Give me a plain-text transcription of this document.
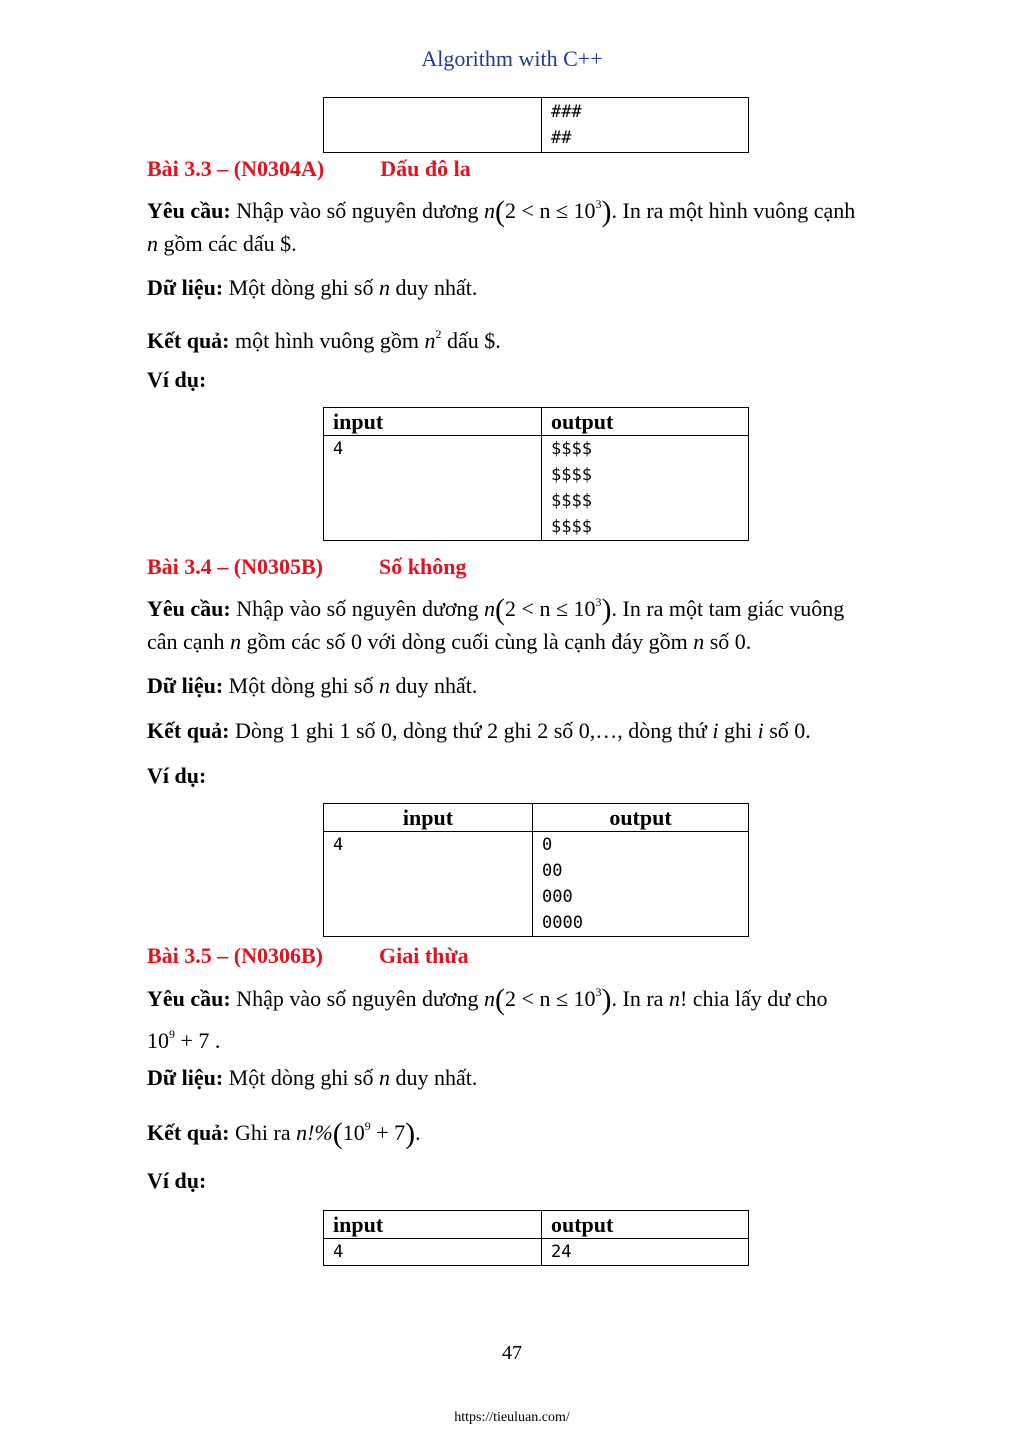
Algorithm with C++

###
##
Bài 3.3 – (N0304A)	Dấu đô la
Yêu cầu: Nhập vào số nguyên dương $n(2 < n \le 10^3)$. In ra một hình vuông cạnh
n gồm các dấu $.
Dữ liệu: Một dòng ghi số n duy nhất.
Kết quả: một hình vuông gồm $n^2$ dấu $.
Ví dụ:
input	output

4	$$$$
$$$$
$$$$
$$$$
Bài 3.4 – (N0305B)	Số không
Yêu cầu: Nhập vào số nguyên dương $n(2 < n \le 10^3)$. In ra một tam giác vuông
cân cạnh n gồm các số 0 với dòng cuối cùng là cạnh đáy gồm n số 0.
Dữ liệu: Một dòng ghi số n duy nhất.
Kết quả: Dòng 1 ghi 1 số 0, dòng thứ 2 ghi 2 số 0,…, dòng thứ i ghi i số 0.
Ví dụ:
input	output

4	0
00
000
0000
Bài 3.5 – (N0306B)	Giai thừa
Yêu cầu: Nhập vào số nguyên dương $n(2 < n \le 10^3)$. In ra n! chia lấy dư cho
$10^9 + 7$ .
Dữ liệu: Một dòng ghi số n duy nhất.
Kết quả: Ghi ra $n!\%(10^9 + 7)$.
Ví dụ:
input	output

4	24
47
https://tieuluan.com/
